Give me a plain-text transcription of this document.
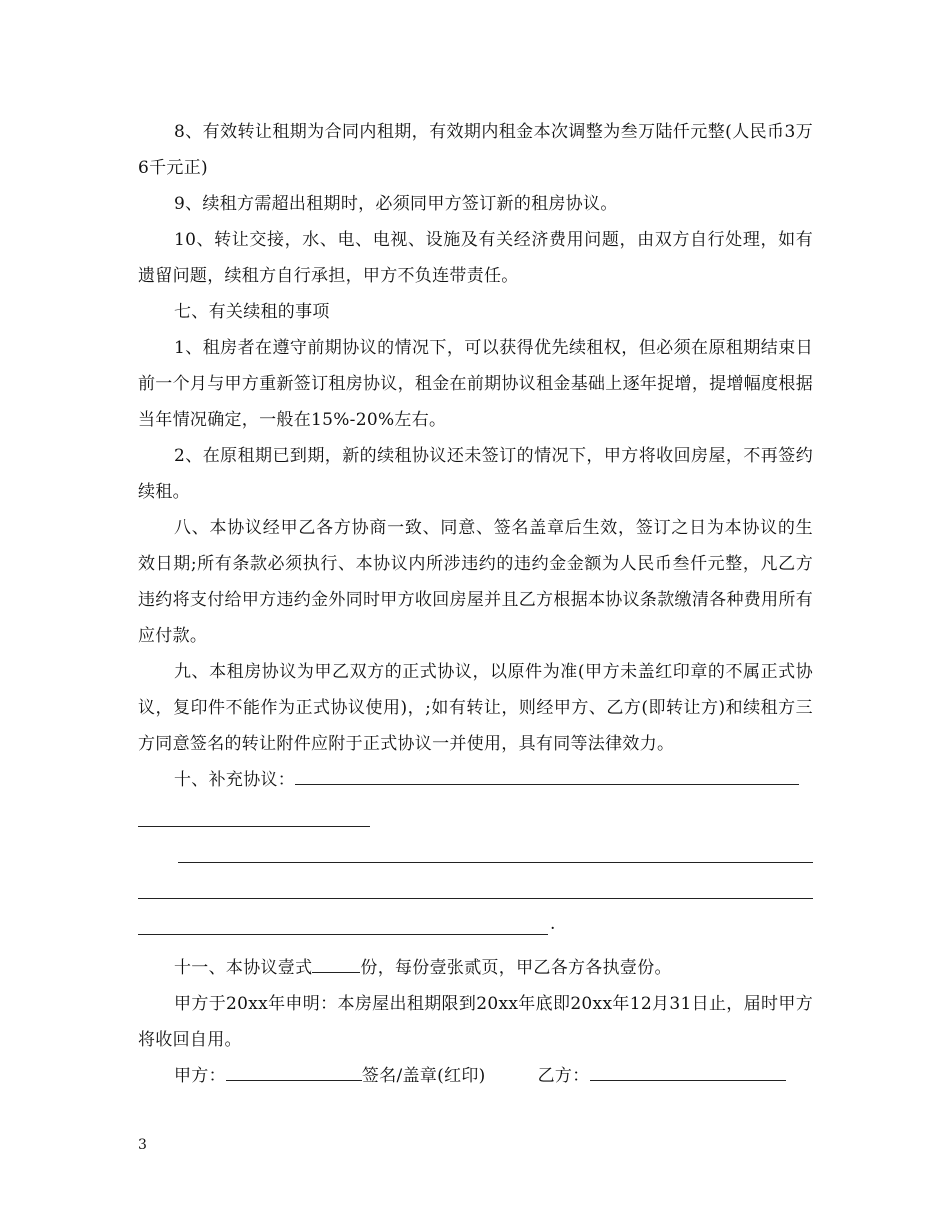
8、有效转让租期为合同内租期，有效期内租金本次调整为叁万陆仟元整(人民币3万6千元正)

9、续租方需超出租期时，必须同甲方签订新的租房协议。

10、转让交接，水、电、电视、设施及有关经济费用问题，由双方自行处理，如有遗留问题，续租方自行承担，甲方不负连带责任。

七、有关续租的事项

1、租房者在遵守前期协议的情况下，可以获得优先续租权，但必须在原租期结束日前一个月与甲方重新签订租房协议，租金在前期协议租金基础上逐年捉增，提增幅度根据当年情况确定，一般在15%-20%左右。

2、在原租期已到期，新的续租协议还未签订的情况下，甲方将收回房屋，不再签约续租。

八、本协议经甲乙各方协商一致、同意、签名盖章后生效，签订之日为本协议的生效日期;所有条款必须执行、本协议内所涉违约的违约金金额为人民币叁仟元整，凡乙方违约将支付给甲方违约金外同时甲方收回房屋并且乙方根据本协议条款缴清各种费用所有应付款。

九、本租房协议为甲乙双方的正式协议，以原件为准(甲方未盖红印章的不属正式协议，复印件不能作为正式协议使用)，;如有转让，则经甲方、乙方(即转让方)和续租方三方同意签名的转让附件应附于正式协议一并使用，具有同等法律效力。

十、补充协议：

.

十一、本协议壹式	份，每份壹张贰页，甲乙各方各执壹份。

甲方于20xx年申明：本房屋出租期限到20xx年底即20xx年12月31日止，届时甲方将收回自用。

甲方：	签名/盖章(红印)	乙方：

3
